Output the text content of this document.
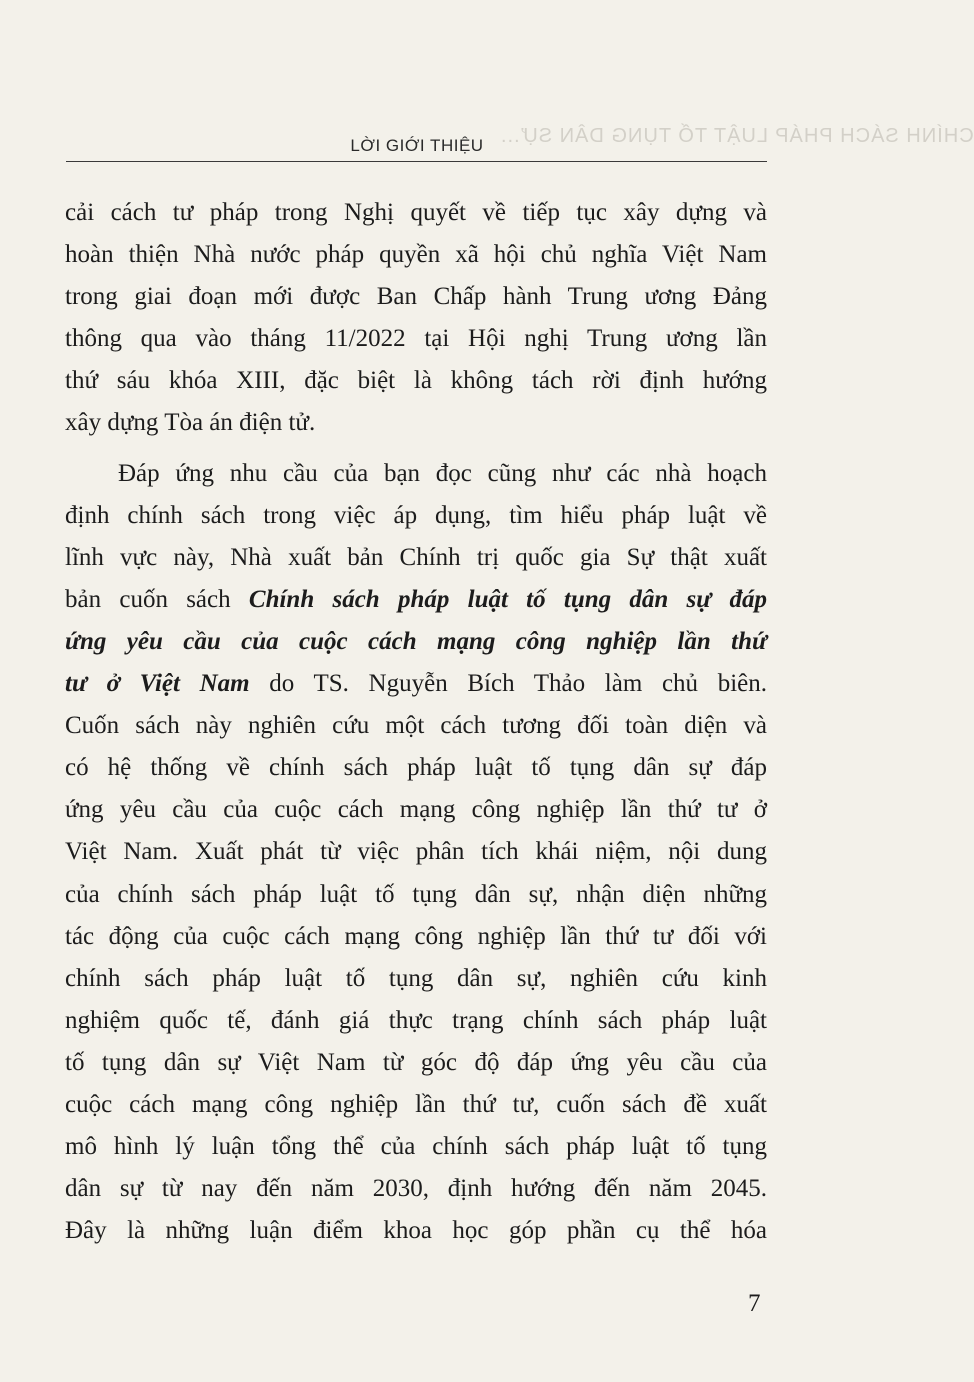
CHÍNH SÁCH PHÁP LUẬT TỐ TỤNG DÂN SỰ...
LỜI GIỚI THIỆU
cải cách tư pháp trong Nghị quyết về tiếp tục xây dựng và
hoàn thiện Nhà nước pháp quyền xã hội chủ nghĩa Việt Nam
trong giai đoạn mới được Ban Chấp hành Trung ương Đảng
thông qua vào tháng 11/2022 tại Hội nghị Trung ương lần
thứ sáu khóa XIII, đặc biệt là không tách rời định hướng
xây dựng Tòa án điện tử.
Đáp ứng nhu cầu của bạn đọc cũng như các nhà hoạch
định chính sách trong việc áp dụng, tìm hiểu pháp luật về
lĩnh vực này, Nhà xuất bản Chính trị quốc gia Sự thật xuất
bản cuốn sách Chính sách pháp luật tố tụng dân sự đáp
ứng yêu cầu của cuộc cách mạng công nghiệp lần thứ
tư ở Việt Nam do TS. Nguyễn Bích Thảo làm chủ biên.
Cuốn sách này nghiên cứu một cách tương đối toàn diện và
có hệ thống về chính sách pháp luật tố tụng dân sự đáp
ứng yêu cầu của cuộc cách mạng công nghiệp lần thứ tư ở
Việt Nam. Xuất phát từ việc phân tích khái niệm, nội dung
của chính sách pháp luật tố tụng dân sự, nhận diện những
tác động của cuộc cách mạng công nghiệp lần thứ tư đối với
chính sách pháp luật tố tụng dân sự, nghiên cứu kinh
nghiệm quốc tế, đánh giá thực trạng chính sách pháp luật
tố tụng dân sự Việt Nam từ góc độ đáp ứng yêu cầu của
cuộc cách mạng công nghiệp lần thứ tư, cuốn sách đề xuất
mô hình lý luận tổng thể của chính sách pháp luật tố tụng
dân sự từ nay đến năm 2030, định hướng đến năm 2045.
Đây là những luận điểm khoa học góp phần cụ thể hóa
7
